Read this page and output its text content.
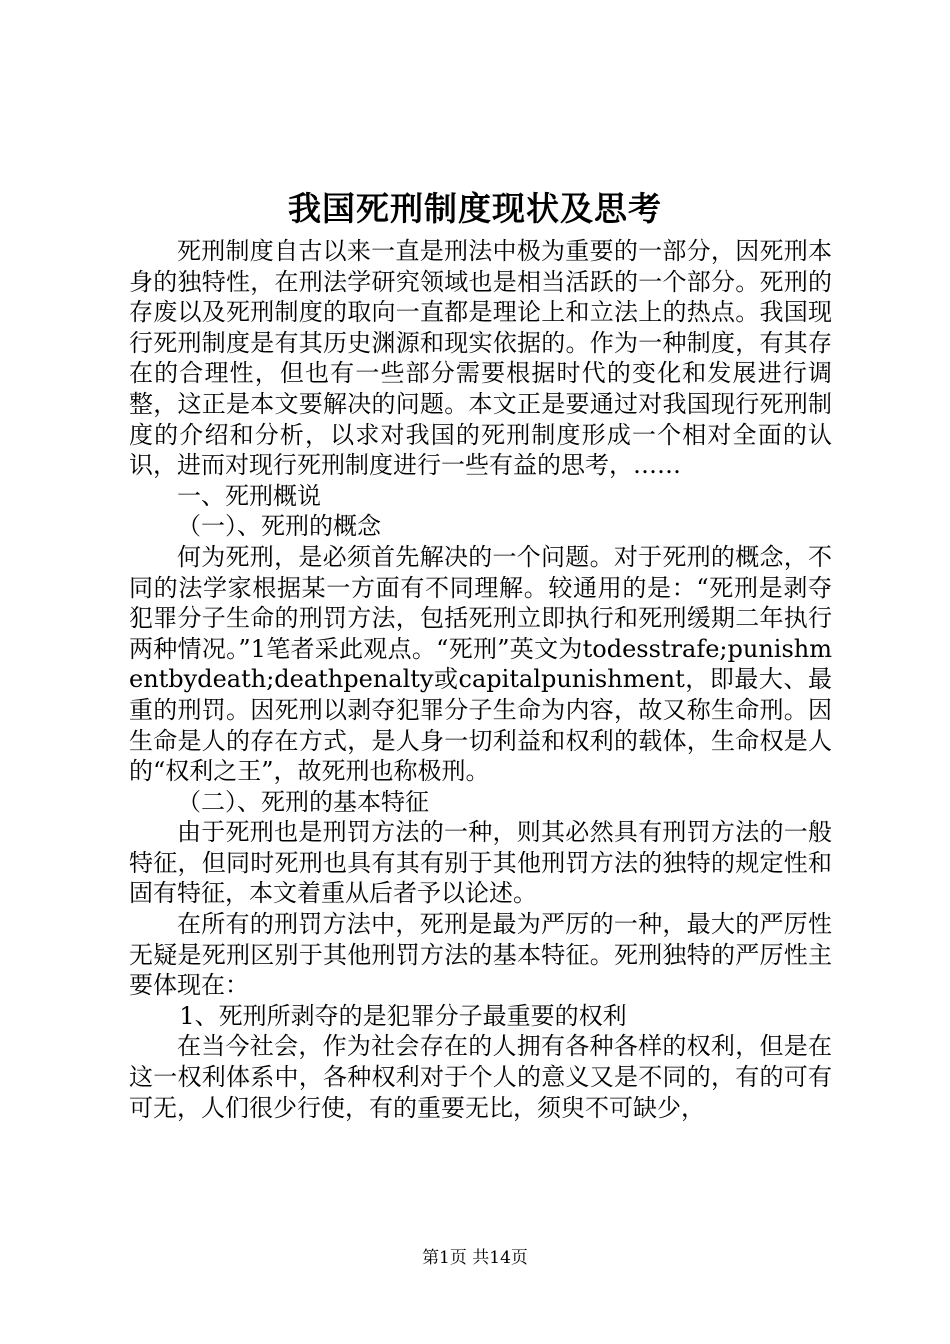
我国死刑制度现状及思考

死刑制度自古以来一直是刑法中极为重要的一部分，因死刑本身的独特性，在刑法学研究领域也是相当活跃的一个部分。死刑的存废以及死刑制度的取向一直都是理论上和立法上的热点。我国现行死刑制度是有其历史渊源和现实依据的。作为一种制度，有其存在的合理性，但也有一些部分需要根据时代的变化和发展进行调整，这正是本文要解决的问题。本文正是要通过对我国现行死刑制度的介绍和分析，以求对我国的死刑制度形成一个相对全面的认识，进而对现行死刑制度进行一些有益的思考，……

一、死刑概说

（一）、死刑的概念

何为死刑，是必须首先解决的一个问题。对于死刑的概念，不同的法学家根据某一方面有不同理解。较通用的是：“死刑是剥夺犯罪分子生命的刑罚方法，包括死刑立即执行和死刑缓期二年执行两种情况。”1笔者采此观点。“死刑”英文为todesstrafe;punishmentbydeath;deathpenalty或capitalpunishment，即最大、最重的刑罚。因死刑以剥夺犯罪分子生命为内容，故又称生命刑。因生命是人的存在方式，是人身一切利益和权利的载体，生命权是人的“权利之王”，故死刑也称极刑。

（二）、死刑的基本特征

由于死刑也是刑罚方法的一种，则其必然具有刑罚方法的一般特征，但同时死刑也具有其有别于其他刑罚方法的独特的规定性和固有特征，本文着重从后者予以论述。

在所有的刑罚方法中，死刑是最为严厉的一种，最大的严厉性无疑是死刑区别于其他刑罚方法的基本特征。死刑独特的严厉性主要体现在：

1、死刑所剥夺的是犯罪分子最重要的权利

在当今社会，作为社会存在的人拥有各种各样的权利，但是在这一权利体系中，各种权利对于个人的意义又是不同的，有的可有可无，人们很少行使，有的重要无比，须臾不可缺少，

第1页 共14页
